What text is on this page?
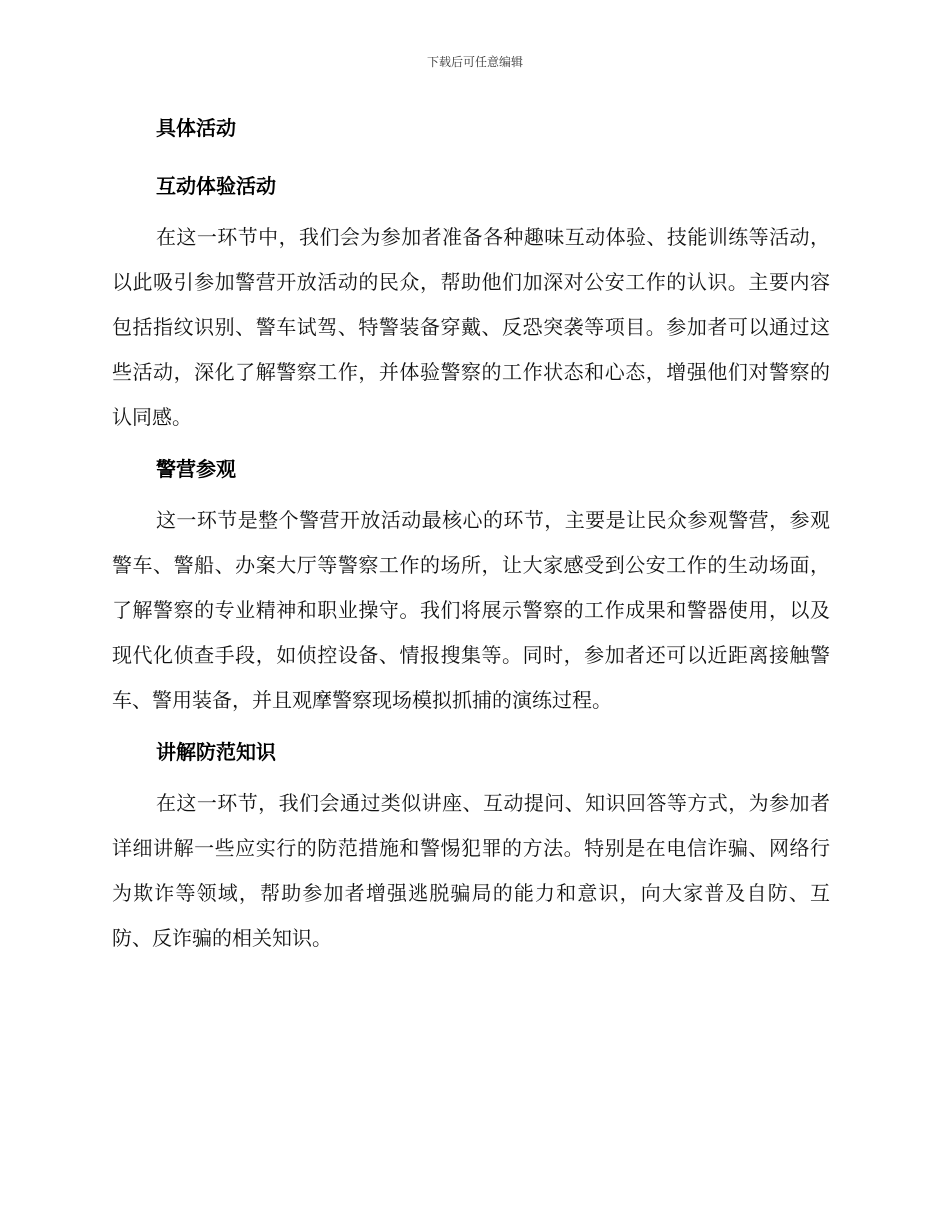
下载后可任意编辑
具体活动
互动体验活动

在这一环节中，我们会为参加者准备各种趣味互动体验、技能训练等活动，以此吸引参加警营开放活动的民众，帮助他们加深对公安工作的认识。主要内容包括指纹识别、警车试驾、特警装备穿戴、反恐突袭等项目。参加者可以通过这些活动，深化了解警察工作，并体验警察的工作状态和心态，增强他们对警察的认同感。

警营参观

这一环节是整个警营开放活动最核心的环节，主要是让民众参观警营，参观警车、警船、办案大厅等警察工作的场所，让大家感受到公安工作的生动场面，了解警察的专业精神和职业操守。我们将展示警察的工作成果和警器使用，以及现代化侦查手段，如侦控设备、情报搜集等。同时，参加者还可以近距离接触警车、警用装备，并且观摩警察现场模拟抓捕的演练过程。

讲解防范知识

在这一环节，我们会通过类似讲座、互动提问、知识回答等方式，为参加者详细讲解一些应实行的防范措施和警惕犯罪的方法。特别是在电信诈骗、网络行为欺诈等领域，帮助参加者增强逃脱骗局的能力和意识，向大家普及自防、互防、反诈骗的相关知识。
